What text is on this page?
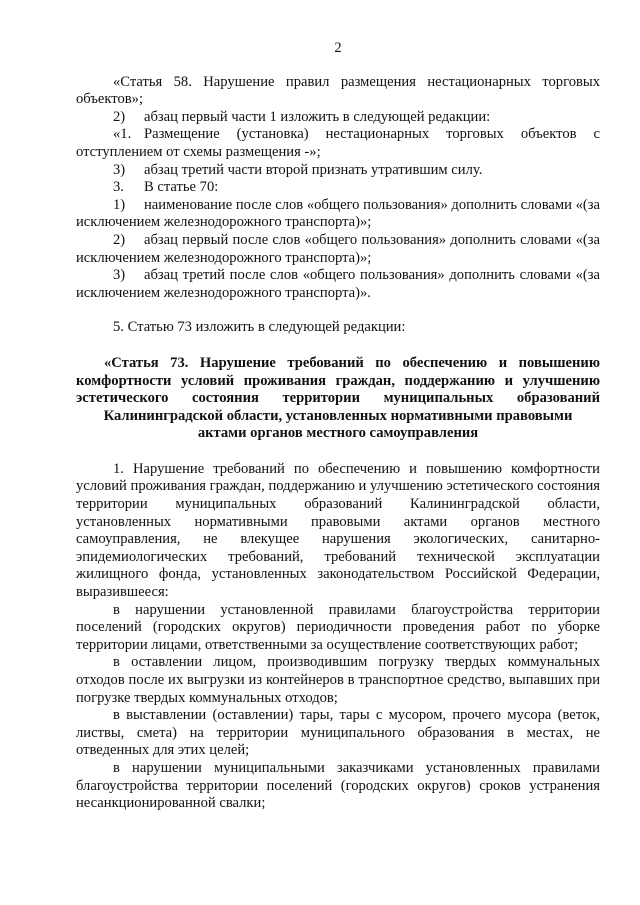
2

«Статья 58. Нарушение правил размещения нестационарных торговых объектов»;

2) абзац первый части 1 изложить в следующей редакции:

«1. Размещение (установка) нестационарных торговых объектов с отступлением от схемы размещения -»;

3) абзац третий части второй признать утратившим силу.

3. В статье 70:

1) наименование после слов «общего пользования» дополнить словами «(за исключением железнодорожного транспорта)»;

2) абзац первый после слов «общего пользования» дополнить словами «(за исключением железнодорожного транспорта)»;

3) абзац третий после слов «общего пользования» дополнить словами «(за исключением железнодорожного транспорта)».

5. Статью 73 изложить в следующей редакции:

«Статья 73. Нарушение требований по обеспечению и повышению комфортности условий проживания граждан, поддержанию и улучшению эстетического состояния территории муниципальных образований Калининградской области, установленных нормативными правовыми
актами органов местного самоуправления

1. Нарушение требований по обеспечению и повышению комфортности условий проживания граждан, поддержанию и улучшению эстетического состояния территории муниципальных образований Калининградской области, установленных нормативными правовыми актами органов местного самоуправления, не влекущее нарушения экологических, санитарно-эпидемиологических требований, требований технической эксплуатации жилищного фонда, установленных законодательством Российской Федерации, выразившееся:

в нарушении установленной правилами благоустройства территории поселений (городских округов) периодичности проведения работ по уборке территории лицами, ответственными за осуществление соответствующих работ;

в оставлении лицом, производившим погрузку твердых коммунальных отходов после их выгрузки из контейнеров в транспортное средство, выпавших при погрузке твердых коммунальных отходов;

в выставлении (оставлении) тары, тары с мусором, прочего мусора (веток, листвы, смета) на территории муниципального образования в местах, не отведенных для этих целей;

в нарушении муниципальными заказчиками установленных правилами благоустройства территории поселений (городских округов) сроков устранения несанкционированной свалки;
